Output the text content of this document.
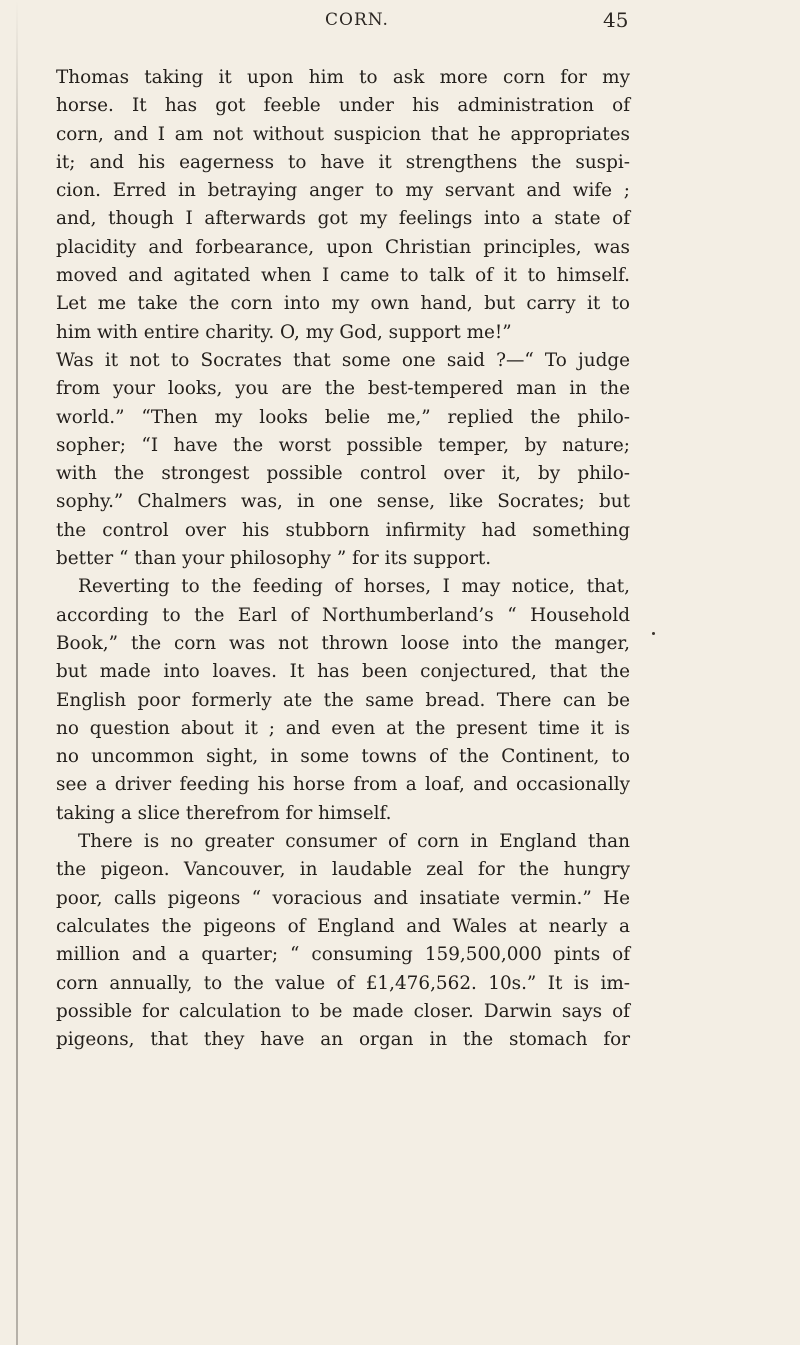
CORN.	45
Thomas taking it upon him to ask more corn for my
horse. It has got feeble under his administration of
corn, and I am not without suspicion that he appropriates
it; and his eagerness to have it strengthens the suspi-
cion. Erred in betraying anger to my servant and wife ;
and, though I afterwards got my feelings into a state of
placidity and forbearance, upon Christian principles, was
moved and agitated when I came to talk of it to himself.
Let me take the corn into my own hand, but carry it to
him with entire charity. O, my God, support me!”
Was it not to Socrates that some one said ?—“ To judge
from your looks, you are the best-tempered man in the
world.” “Then my looks belie me,” replied the philo-
sopher; “I have the worst possible temper, by nature;
with the strongest possible control over it, by philo-
sophy.” Chalmers was, in one sense, like Socrates; but
the control over his stubborn infirmity had something
better “ than your philosophy ” for its support.
Reverting to the feeding of horses, I may notice, that,
according to the Earl of Northumberland’s “ Household
Book,” the corn was not thrown loose into the manger,
but made into loaves. It has been conjectured, that the
English poor formerly ate the same bread. There can be
no question about it ; and even at the present time it is
no uncommon sight, in some towns of the Continent, to
see a driver feeding his horse from a loaf, and occasionally
taking a slice therefrom for himself.
There is no greater consumer of corn in England than
the pigeon. Vancouver, in laudable zeal for the hungry
poor, calls pigeons “ voracious and insatiate vermin.” He
calculates the pigeons of England and Wales at nearly a
million and a quarter; “ consuming 159,500,000 pints of
corn annually, to the value of £1,476,562. 10s.” It is im-
possible for calculation to be made closer. Darwin says of
pigeons, that they have an organ in the stomach for
